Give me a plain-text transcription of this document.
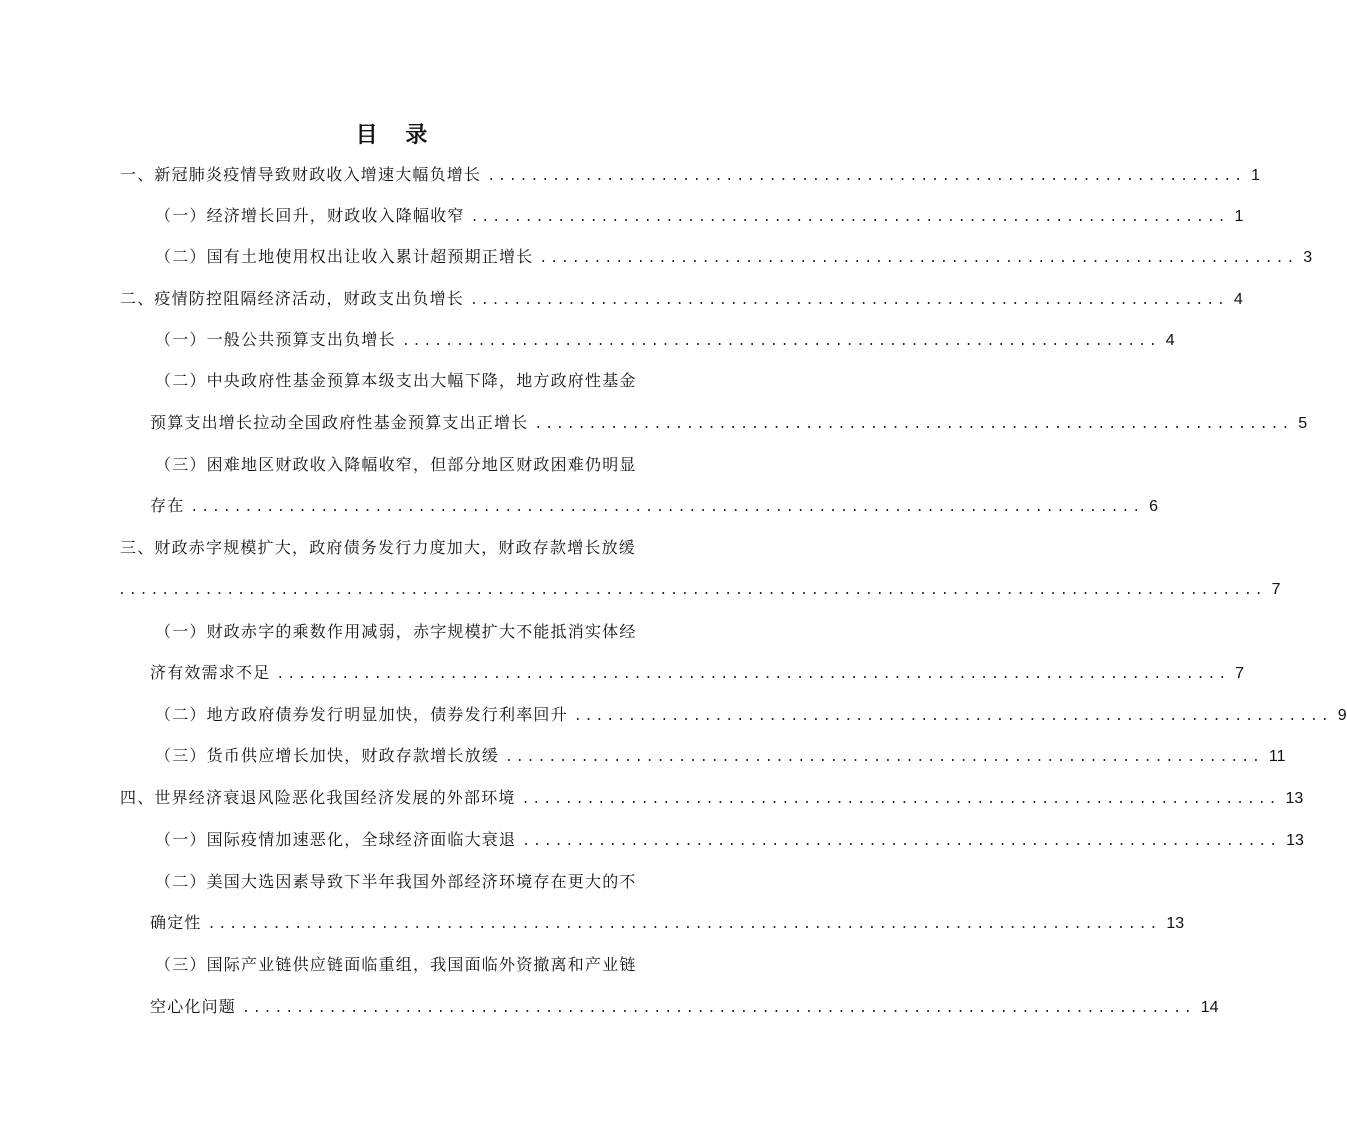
目 录
一、新冠肺炎疫情导致财政收入增速大幅负增长 ...................................................................... 1
（一）经济增长回升，财政收入降幅收窄 ...................................................................... 1
（二）国有土地使用权出让收入累计超预期正增长 ...................................................................... 3
二、疫情防控阻隔经济活动，财政支出负增长 ...................................................................... 4
（一）一般公共预算支出负增长 ...................................................................... 4
（二）中央政府性基金预算本级支出大幅下降，地方政府性基金
预算支出增长拉动全国政府性基金预算支出正增长 ...................................................................... 5
（三）困难地区财政收入降幅收窄，但部分地区财政困难仍明显
存在 ........................................................................................ 6
三、财政赤字规模扩大，政府债务发行力度加大，财政存款增长放缓
.......................................................................................................... 7
（一）财政赤字的乘数作用减弱，赤字规模扩大不能抵消实体经
济有效需求不足 ........................................................................................ 7
（二）地方政府债券发行明显加快，债券发行利率回升 ...................................................................... 9
（三）货币供应增长加快，财政存款增长放缓 ...................................................................... 11
四、世界经济衰退风险恶化我国经济发展的外部环境 ...................................................................... 13
（一）国际疫情加速恶化，全球经济面临大衰退 ...................................................................... 13
（二）美国大选因素导致下半年我国外部经济环境存在更大的不
确定性 ........................................................................................ 13
（三）国际产业链供应链面临重组，我国面临外资撤离和产业链
空心化问题 ........................................................................................ 14
